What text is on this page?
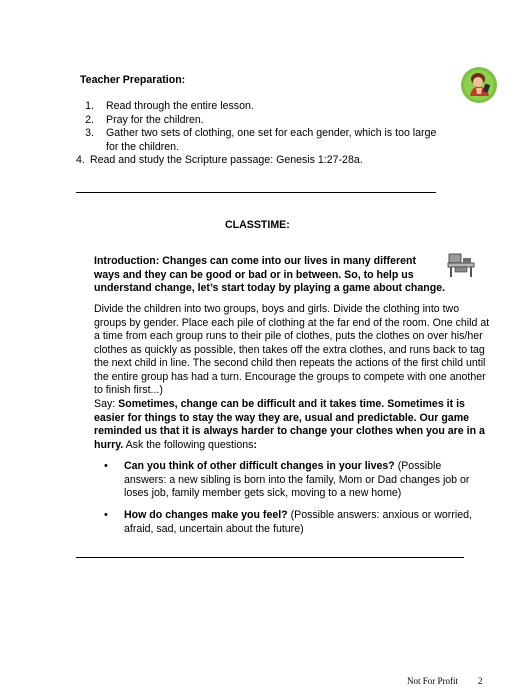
Teacher Preparation:
1. Read through the entire lesson.
2. Pray for the children.
3. Gather two sets of clothing, one set for each gender, which is too large
for the children.
4. Read and study the Scripture passage: Genesis 1:27-28a.
CLASSTIME:
Introduction: Changes can come into our lives in many different
ways and they can be good or bad or in between. So, to help us
understand change, let’s start today by playing a game about change.
Divide the children into two groups, boys and girls. Divide the clothing into two
groups by gender. Place each pile of clothing at the far end of the room. One child at
a time from each group runs to their pile of clothes, puts the clothes on over his/her
clothes as quickly as possible, then takes off the extra clothes, and runs back to tag
the next child in line. The second child then repeats the actions of the first child until
the entire group has had a turn. Encourage the groups to compete with one another
to finish first...)
Say: Sometimes, change can be difficult and it takes time. Sometimes it is
easier for things to stay the way they are, usual and predictable. Our game
reminded us that it is always harder to change your clothes when you are in a
hurry. Ask the following questions:
• Can you think of other difficult changes in your lives? (Possible
answers: a new sibling is born into the family, Mom or Dad changes job or
loses job, family member gets sick, moving to a new home)
• How do changes make you feel? (Possible answers: anxious or worried,
afraid, sad, uncertain about the future)
Not For Profit 2
